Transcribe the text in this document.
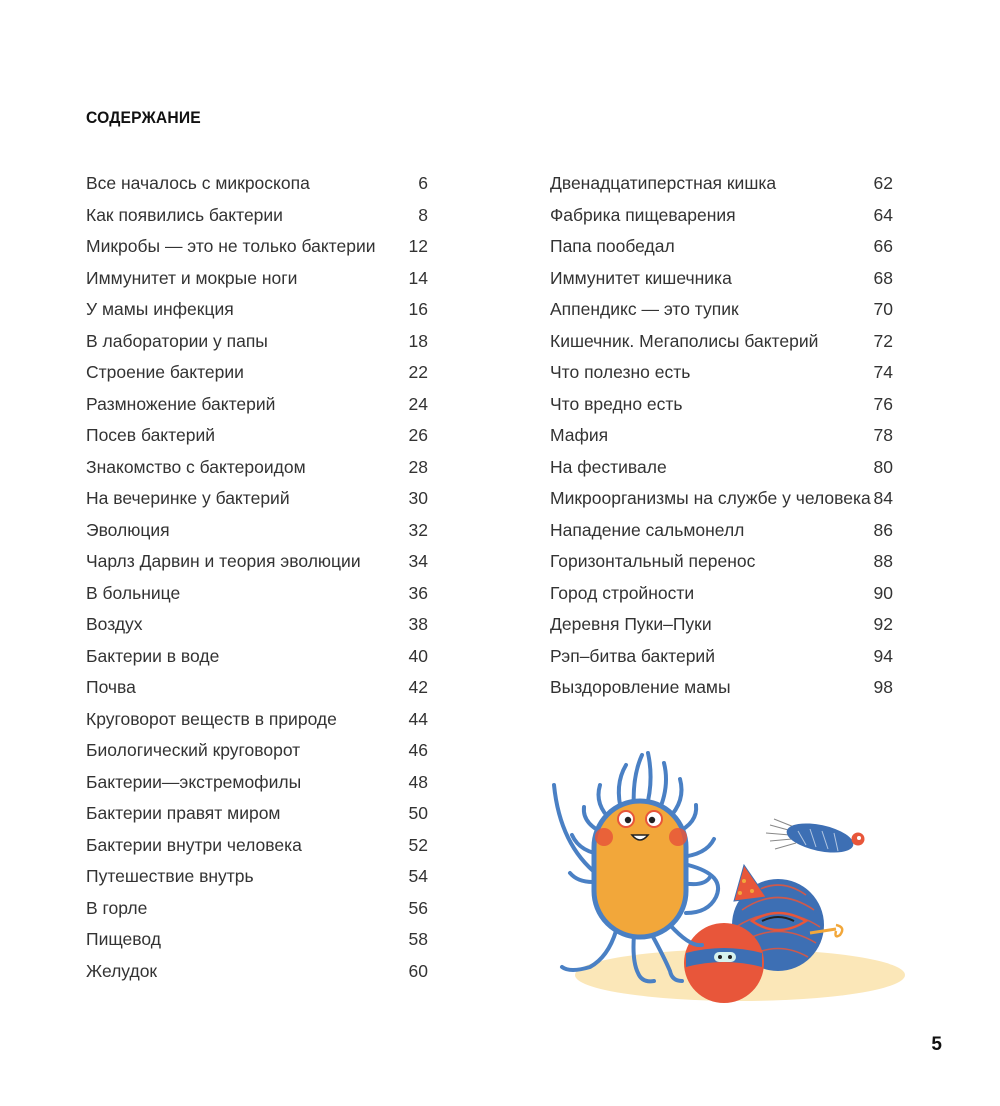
СОДЕРЖАНИЕ
Все началось с микроскопа	6
Как появились бактерии	8
Микробы — это не только бактерии 12
Иммунитет и мокрые ноги	14
У мамы инфекция	16
В лаборатории у папы	18
Строение бактерии	22
Размножение бактерий	24
Посев бактерий	26
Знакомство с бактероидом	28
На вечеринке у бактерий	30
Эволюция	32
Чарлз Дарвин и теория эволюции	34
В больнице	36
Воздух	38
Бактерии в воде	40
Почва	42
Круговорот веществ в природе	44
Биологический круговорот	46
Бактерии—экстремофилы	48
Бактерии правят миром	50
Бактерии внутри человека	52
Путешествие внутрь	54
В горле	56
Пищевод	58
Желудок	60
Двенадцатиперстная кишка	62
Фабрика пищеварения	64
Папа пообедал	66
Иммунитет кишечника	68
Аппендикс — это тупик	70
Кишечник. Мегаполисы бактерий	72
Что полезно есть	74
Что вредно есть	76
Мафия	78
На фестивале	80
Микроорганизмы на службе у человека 84
Нападение сальмонелл	86
Горизонтальный перенос	88
Город стройности	90
Деревня Пуки–Пуки	92
Рэп–битва бактерий	94
Выздоровление мамы	98
5
